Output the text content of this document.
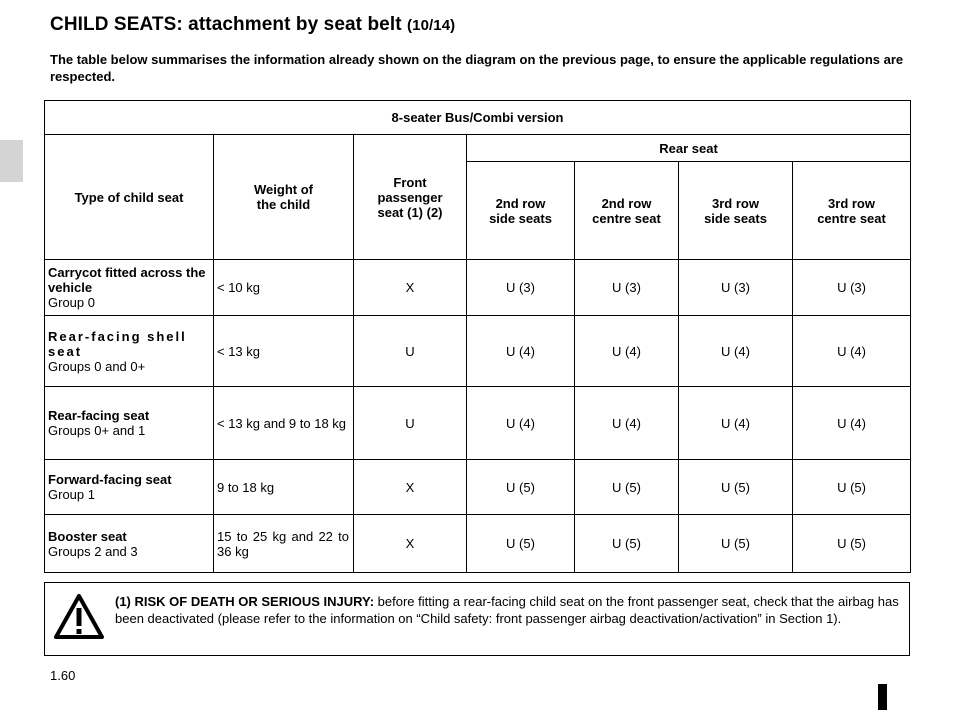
CHILD SEATS: attachment by seat belt (10/14)

The table below summarises the information already shown on the diagram on the previous page, to ensure the applicable regulations are respected.

8-seater Bus/Combi version						
Type of child seat	Weight of the child	Front passenger seat (1) (2)	Rear seat			

			2nd row side seats	2nd row centre seat	3rd row side seats	3rd row centre seat

Carrycot fitted across the vehicle
Group 0	< 10 kg	X	U (3)	U (3)	U (3)	U (3)

Rear-facing shell seat
Groups 0 and 0+	< 13 kg	U	U (4)	U (4)	U (4)	U (4)

Rear-facing seat
Groups 0+ and 1	< 13 kg and 9 to 18 kg	U	U (4)	U (4)	U (4)	U (4)

Forward-facing seat
Group 1	9 to 18 kg	X	U (5)	U (5)	U (5)	U (5)

Booster seat
Groups 2 and 3	15 to 25 kg and 22 to 36 kg	X	U (5)	U (5)	U (5)	U (5)
(1) RISK OF DEATH OR SERIOUS INJURY: before fitting a rear-facing child seat on the front passenger seat, check that the airbag has been deactivated (please refer to the information on “Child safety: front passenger airbag deactivation/activation” in Section 1).
1.60
